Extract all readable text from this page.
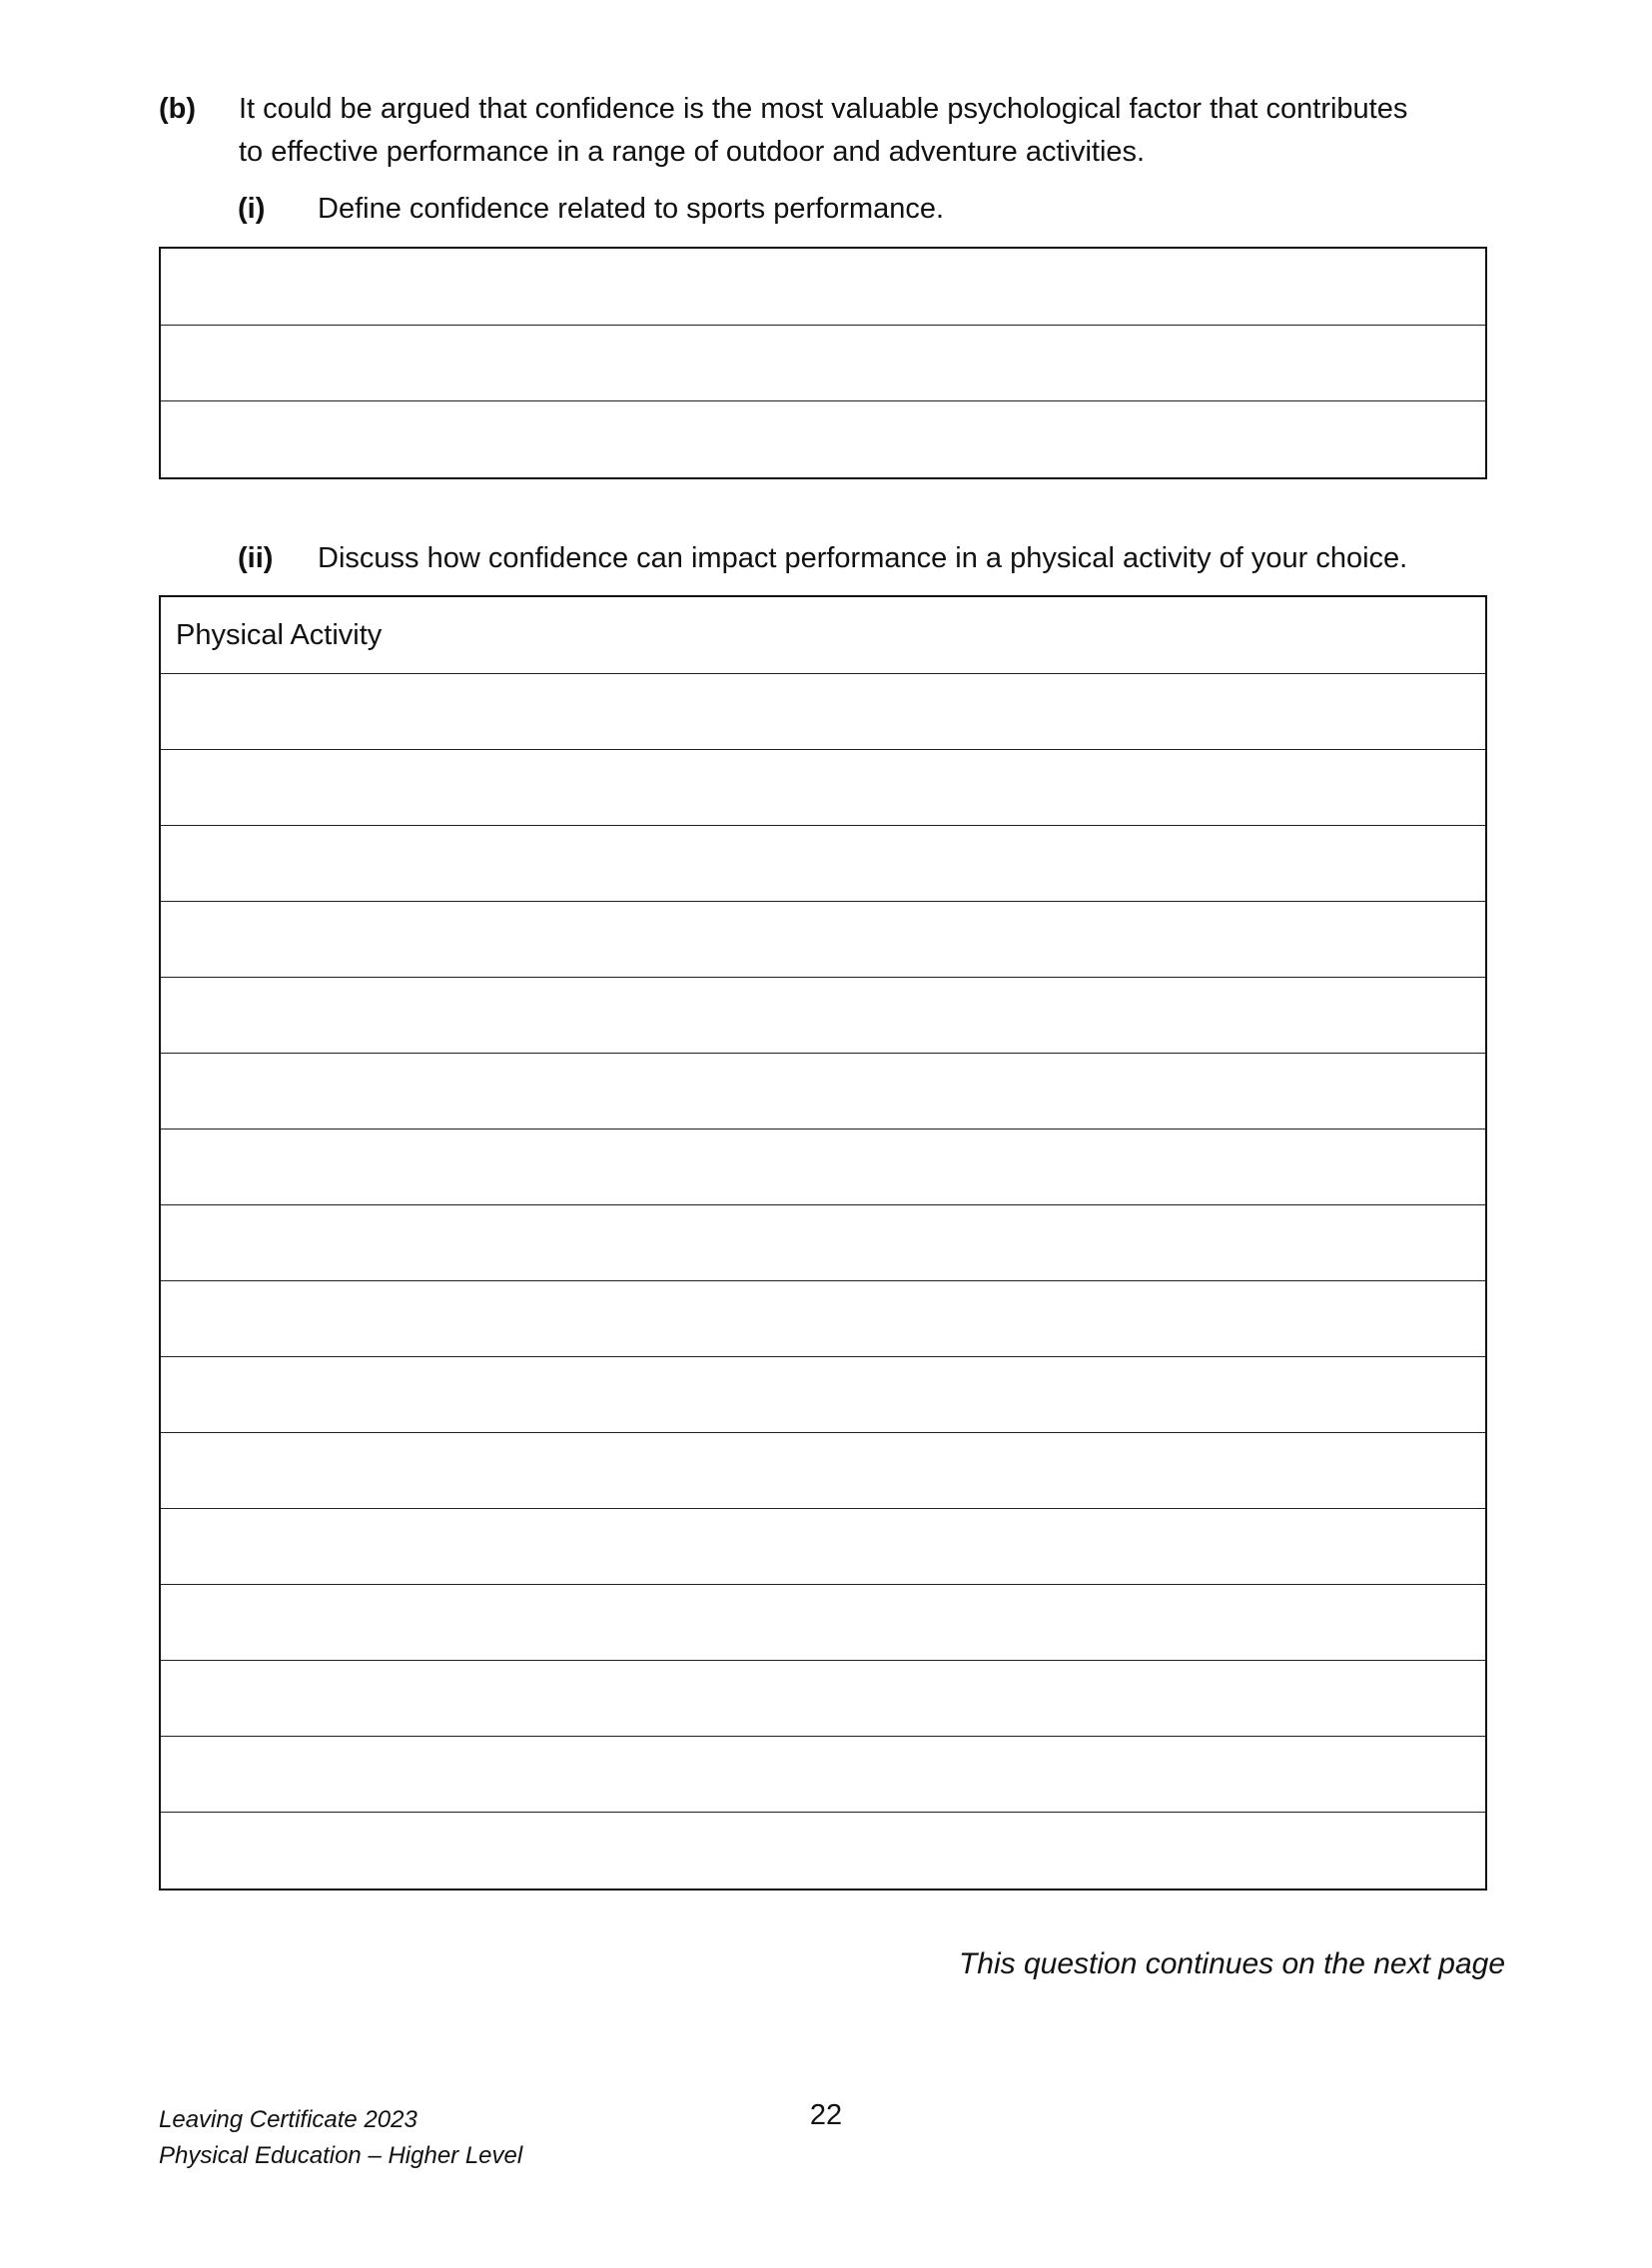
(b)	It could be argued that confidence is the most valuable psychological factor that contributes
to effective performance in a range of outdoor and adventure activities.
(i)	Define confidence related to sports performance.
(ii)	Discuss how confidence can impact performance in a physical activity of your choice.
Physical Activity
This question continues on the next page
Leaving Certificate 2023
Physical Education – Higher Level
22
